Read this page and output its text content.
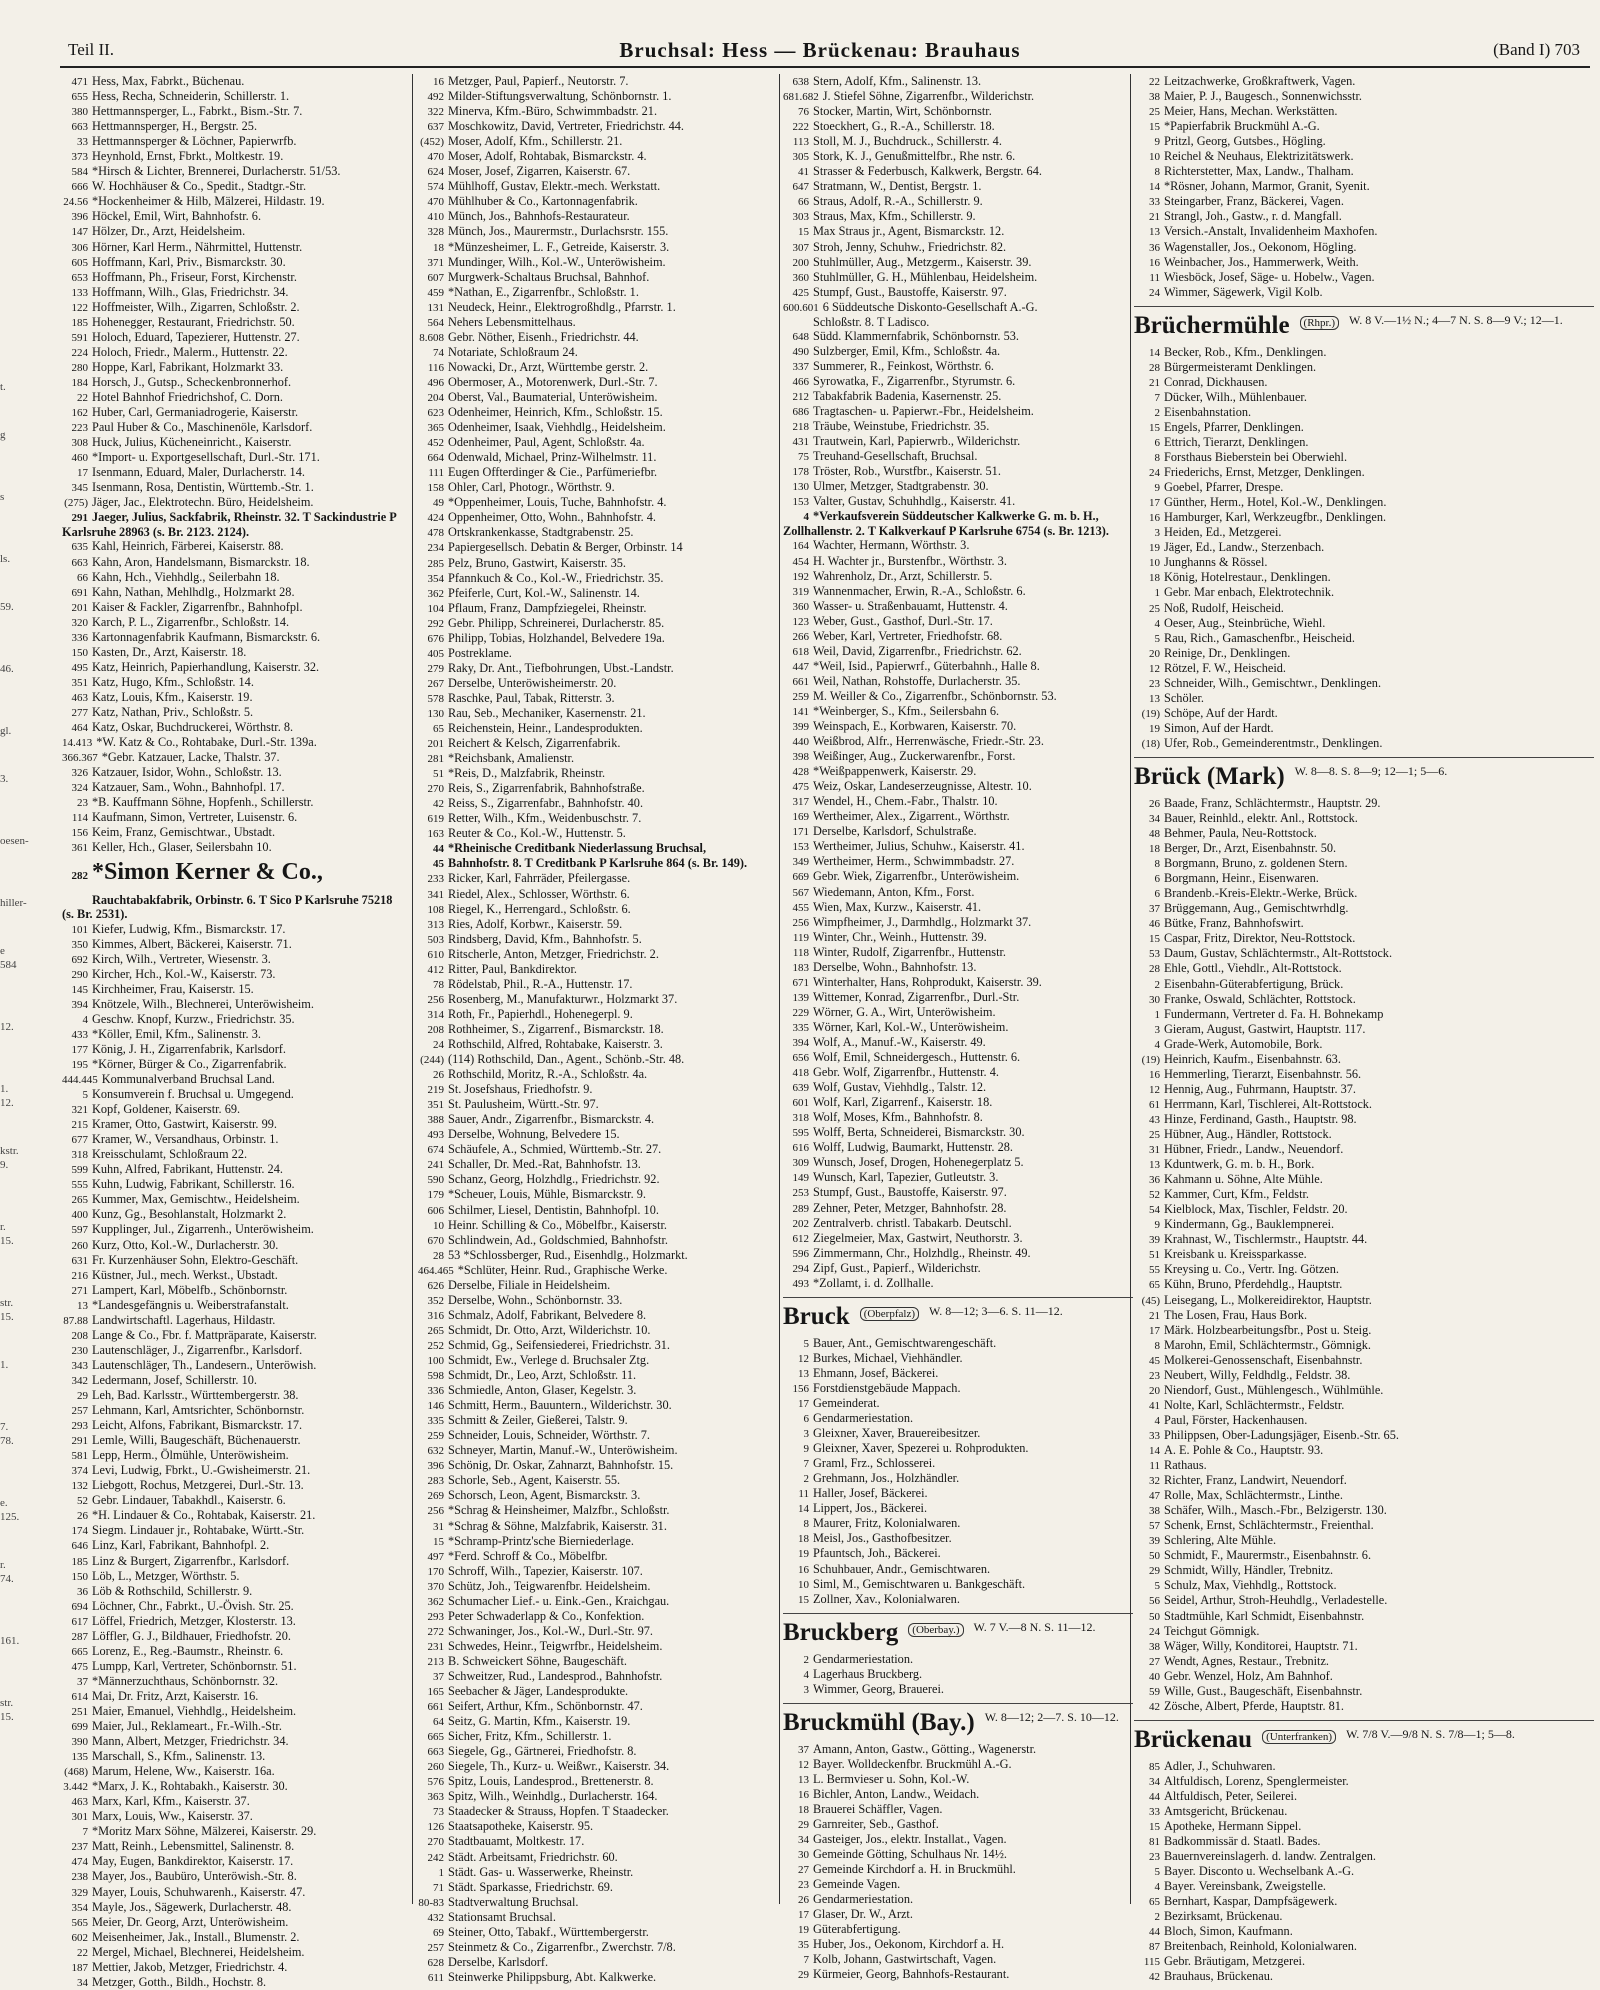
Teil II.	Bruchsal: Hess — Brückenau: Brauhaus	(Band I) 703
t.
g
s
ls.
59.
46.
gl.
3.
oesen-
hiller-
e 584
12.
1. 12.
kstr. 9.
r. 15.
str. 15.
1.
7. 78.
e. 125.
r. 74.
161.
str. 15.
471 Hess, Max, Fabrkt., Büchenau.
655 Hess, Recha, Schneiderin, Schillerstr. 1.
380 Hettmannsperger, L., Fabrkt., Bism.-Str. 7.
663 Hettmannsperger, H., Bergstr. 25.
33 Hettmannsperger & Löchner, Papierwrfb.
373 Heynhold, Ernst, Fbrkt., Moltkestr. 19.
584 *Hirsch & Lichter, Brennerei, Durlacherstr. 51/53.
666 W. Hochhäuser & Co., Spedit., Stadtgr.-Str.
24.56 *Hockenheimer & Hilb, Mälzerei, Hildastr. 19.
396 Höckel, Emil, Wirt, Bahnhofstr. 6.
147 Hölzer, Dr., Arzt, Heidelsheim.
306 Hörner, Karl Herm., Nährmittel, Huttenstr.
605 Hoffmann, Karl, Priv., Bismarckstr. 30.
653 Hoffmann, Ph., Friseur, Forst, Kirchenstr.
133 Hoffmann, Wilh., Glas, Friedrichstr. 34.
122 Hoffmeister, Wilh., Zigarren, Schloßstr. 2.
185 Hohenegger, Restaurant, Friedrichstr. 50.
591 Holoch, Eduard, Tapezierer, Huttenstr. 27.
224 Holoch, Friedr., Malerm., Huttenstr. 22.
280 Hoppe, Karl, Fabrikant, Holzmarkt 33.
184 Horsch, J., Gutsp., Scheckenbronnerhof.
22 Hotel Bahnhof Friedrichshof, C. Dorn.
162 Huber, Carl, Germaniadrogerie, Kaiserstr.
223 Paul Huber & Co., Maschinenöle, Karlsdorf.
308 Huck, Julius, Kücheneinricht., Kaiserstr.
460 *Import- u. Exportgesellschaft, Durl.-Str. 171.
17 Isenmann, Eduard, Maler, Durlacherstr. 14.
345 Isenmann, Rosa, Dentistin, Württemb.-Str. 1.
(275) Jäger, Jac., Elektrotechn. Büro, Heidelsheim.
291 Jaeger, Julius, Sackfabrik, Rheinstr. 32. T Sackindustrie P Karlsruhe 28963 (s. Br. 2123. 2124).
635 Kahl, Heinrich, Färberei, Kaiserstr. 88.
663 Kahn, Aron, Handelsmann, Bismarckstr. 18.
66 Kahn, Hch., Viehhdlg., Seilerbahn 18.
691 Kahn, Nathan, Mehlhdlg., Holzmarkt 28.
201 Kaiser & Fackler, Zigarrenfbr., Bahnhofpl.
320 Karch, P. L., Zigarrenfbr., Schloßstr. 14.
336 Kartonnagenfabrik Kaufmann, Bismarckstr. 6.
150 Kasten, Dr., Arzt, Kaiserstr. 18.
495 Katz, Heinrich, Papierhandlung, Kaiserstr. 32.
351 Katz, Hugo, Kfm., Schloßstr. 14.
463 Katz, Louis, Kfm., Kaiserstr. 19.
277 Katz, Nathan, Priv., Schloßstr. 5.
464 Katz, Oskar, Buchdruckerei, Wörthstr. 8.
14.413 *W. Katz & Co., Rohtabake, Durl.-Str. 139a.
366.367 *Gebr. Katzauer, Lacke, Thalstr. 37.
326 Katzauer, Isidor, Wohn., Schloßstr. 13.
324 Katzauer, Sam., Wohn., Bahnhofpl. 17.
23 *B. Kauffmann Söhne, Hopfenh., Schillerstr.
114 Kaufmann, Simon, Vertreter, Luisenstr. 6.
156 Keim, Franz, Gemischtwar., Ubstadt.
361 Keller, Hch., Glaser, Seilersbahn 10.
282 *Simon Kerner & Co.,
Rauchtabakfabrik, Orbinstr. 6. T Sico P Karlsruhe 75218 (s. Br. 2531).
101 Kiefer, Ludwig, Kfm., Bismarckstr. 17.
350 Kimmes, Albert, Bäckerei, Kaiserstr. 71.
692 Kirch, Wilh., Vertreter, Wiesenstr. 3.
290 Kircher, Hch., Kol.-W., Kaiserstr. 73.
145 Kirchheimer, Frau, Kaiserstr. 15.
394 Knötzele, Wilh., Blechnerei, Unteröwisheim.
4 Geschw. Knopf, Kurzw., Friedrichstr. 35.
433 *Köller, Emil, Kfm., Salinenstr. 3.
177 König, J. H., Zigarrenfabrik, Karlsdorf.
195 *Körner, Bürger & Co., Zigarrenfabrik.
444.445 Kommunalverband Bruchsal Land.
5 Konsumverein f. Bruchsal u. Umgegend.
321 Kopf, Goldener, Kaiserstr. 69.
215 Kramer, Otto, Gastwirt, Kaiserstr. 99.
677 Kramer, W., Versandhaus, Orbinstr. 1.
318 Kreisschulamt, Schloßraum 22.
599 Kuhn, Alfred, Fabrikant, Huttenstr. 24.
555 Kuhn, Ludwig, Fabrikant, Schillerstr. 16.
265 Kummer, Max, Gemischtw., Heidelsheim.
400 Kunz, Gg., Besohlanstalt, Holzmarkt 2.
597 Kupplinger, Jul., Zigarrenh., Unteröwisheim.
260 Kurz, Otto, Kol.-W., Durlacherstr. 30.
631 Fr. Kurzenhäuser Sohn, Elektro-Geschäft.
216 Küstner, Jul., mech. Werkst., Ubstadt.
271 Lampert, Karl, Möbelfb., Schönbornstr.
13 *Landesgefängnis u. Weiberstrafanstalt.
87.88 Landwirtschaftl. Lagerhaus, Hildastr.
208 Lange & Co., Fbr. f. Mattpräparate, Kaiserstr.
230 Lautenschläger, J., Zigarrenfbr., Karlsdorf.
343 Lautenschläger, Th., Landesern., Unteröwish.
342 Ledermann, Josef, Schillerstr. 10.
29 Leh, Bad. Karlsstr., Württembergerstr. 38.
257 Lehmann, Karl, Amtsrichter, Schönbornstr.
293 Leicht, Alfons, Fabrikant, Bismarckstr. 17.
291 Lemle, Willi, Baugeschäft, Büchenauerstr.
581 Lepp, Herm., Ölmühle, Unteröwisheim.
374 Levi, Ludwig, Fbrkt., U.-Gwisheimerstr. 21.
132 Liebgott, Rochus, Metzgerei, Durl.-Str. 13.
52 Gebr. Lindauer, Tabakhdl., Kaiserstr. 6.
26 *H. Lindauer & Co., Rohtabak, Kaiserstr. 21.
174 Siegm. Lindauer jr., Rohtabake, Württ.-Str.
646 Linz, Karl, Fabrikant, Bahnhofpl. 2.
185 Linz & Burgert, Zigarrenfbr., Karlsdorf.
150 Löb, L., Metzger, Wörthstr. 5.
36 Löb & Rothschild, Schillerstr. 9.
694 Löchner, Chr., Fabrkt., U.-Övish. Str. 25.
617 Löffel, Friedrich, Metzger, Klosterstr. 13.
287 Löffler, G. J., Bildhauer, Friedhofstr. 20.
665 Lorenz, E., Reg.-Baumstr., Rheinstr. 6.
475 Lumpp, Karl, Vertreter, Schönbornstr. 51.
37 *Männerzuchthaus, Schönbornstr. 32.
614 Mai, Dr. Fritz, Arzt, Kaiserstr. 16.
251 Maier, Emanuel, Viehhdlg., Heidelsheim.
699 Maier, Jul., Reklameart., Fr.-Wilh.-Str.
390 Mann, Albert, Metzger, Friedrichstr. 34.
135 Marschall, S., Kfm., Salinenstr. 13.
(468) Marum, Helene, Ww., Kaiserstr. 16a.
3.442 *Marx, J. K., Rohtabakh., Kaiserstr. 30.
463 Marx, Karl, Kfm., Kaiserstr. 37.
301 Marx, Louis, Ww., Kaiserstr. 37.
7 *Moritz Marx Söhne, Mälzerei, Kaiserstr. 29.
237 Matt, Reinh., Lebensmittel, Salinenstr. 8.
474 May, Eugen, Bankdirektor, Kaiserstr. 17.
238 Mayer, Jos., Baubüro, Unteröwish.-Str. 8.
329 Mayer, Louis, Schuhwarenh., Kaiserstr. 47.
354 Mayle, Jos., Sägewerk, Durlacherstr. 48.
565 Meier, Dr. Georg, Arzt, Unteröwisheim.
602 Meisenheimer, Jak., Install., Blumenstr. 2.
22 Mergel, Michael, Blechnerei, Heidelsheim.
187 Mettier, Jakob, Metzger, Friedrichstr. 4.
34 Metzger, Gotth., Bildh., Hochstr. 8.
16 Metzger, Paul, Papierf., Neutorstr. 7.
492 Milder-Stiftungsverwaltung, Schönbornstr. 1.
322 Minerva, Kfm.-Büro, Schwimmbadstr. 21.
637 Moschkowitz, David, Vertreter, Friedrichstr. 44.
(452) Moser, Adolf, Kfm., Schillerstr. 21.
470 Moser, Adolf, Rohtabak, Bismarckstr. 4.
624 Moser, Josef, Zigarren, Kaiserstr. 67.
574 Mühlhoff, Gustav, Elektr.-mech. Werkstatt.
470 Mühlhuber & Co., Kartonnagenfabrik.
410 Münch, Jos., Bahnhofs-Restaurateur.
328 Münch, Jos., Maurermstr., Durlachsrstr. 155.
18 *Münzesheimer, L. F., Getreide, Kaiserstr. 3.
371 Mundinger, Wilh., Kol.-W., Unteröwisheim.
607 Murgwerk-Schaltaus Bruchsal, Bahnhof.
459 *Nathan, E., Zigarrenfbr., Schloßstr. 1.
131 Neudeck, Heinr., Elektrogroßhdlg., Pfarrstr. 1.
564 Nehers Lebensmittelhaus.
8.608 Gebr. Nöther, Eisenh., Friedrichstr. 44.
74 Notariate, Schloßraum 24.
116 Nowacki, Dr., Arzt, Württembe gerstr. 2.
496 Obermoser, A., Motorenwerk, Durl.-Str. 7.
204 Oberst, Val., Baumaterial, Unteröwisheim.
623 Odenheimer, Heinrich, Kfm., Schloßstr. 15.
365 Odenheimer, Isaak, Viehhdlg., Heidelsheim.
452 Odenheimer, Paul, Agent, Schloßstr. 4a.
664 Odenwald, Michael, Prinz-Wilhelmstr. 11.
111 Eugen Offterdinger & Cie., Parfümeriefbr.
158 Ohler, Carl, Photogr., Wörthstr. 9.
49 *Oppenheimer, Louis, Tuche, Bahnhofstr. 4.
424 Oppenheimer, Otto, Wohn., Bahnhofstr. 4.
478 Ortskrankenkasse, Stadtgrabenstr. 25.
234 Papiergesellsch. Debatin & Berger, Orbinstr. 14
285 Pelz, Bruno, Gastwirt, Kaiserstr. 35.
354 Pfannkuch & Co., Kol.-W., Friedrichstr. 35.
362 Pfeiferle, Curt, Kol.-W., Salinenstr. 14.
104 Pflaum, Franz, Dampfziegelei, Rheinstr.
292 Gebr. Philipp, Schreinerei, Durlacherstr. 85.
676 Philipp, Tobias, Holzhandel, Belvedere 19a.
405 Postreklame.
279 Raky, Dr. Ant., Tiefbohrungen, Ubst.-Landstr.
267 Derselbe, Unteröwisheimerstr. 20.
578 Raschke, Paul, Tabak, Ritterstr. 3.
130 Rau, Seb., Mechaniker, Kasernenstr. 21.
65 Reichenstein, Heinr., Landesprodukten.
201 Reichert & Kelsch, Zigarrenfabrik.
281 *Reichsbank, Amalienstr.
51 *Reis, D., Malzfabrik, Rheinstr.
270 Reis, S., Zigarrenfabrik, Bahnhofstraße.
42 Reiss, S., Zigarrenfabr., Bahnhofstr. 40.
619 Retter, Wilh., Kfm., Weidenbuschstr. 7.
163 Reuter & Co., Kol.-W., Huttenstr. 5.
44 *Rheinische Creditbank Niederlassung Bruchsal,
45 Bahnhofstr. 8. T Creditbank P Karlsruhe 864 (s. Br. 149).
233 Ricker, Karl, Fahrräder, Pfeilergasse.
341 Riedel, Alex., Schlosser, Wörthstr. 6.
108 Riegel, K., Herrengard., Schloßstr. 6.
313 Ries, Adolf, Korbwr., Kaiserstr. 59.
503 Rindsberg, David, Kfm., Bahnhofstr. 5.
610 Ritscherle, Anton, Metzger, Friedrichstr. 2.
412 Ritter, Paul, Bankdirektor.
78 Rödelstab, Phil., R.-A., Huttenstr. 17.
256 Rosenberg, M., Manufakturwr., Holzmarkt 37.
314 Roth, Fr., Papierhdl., Hohenegerpl. 9.
208 Rothheimer, S., Zigarrenf., Bismarckstr. 18.
24 Rothschild, Alfred, Rohtabake, Kaiserstr. 3.
(244) (114) Rothschild, Dan., Agent., Schönb.-Str. 48.
26 Rothschild, Moritz, R.-A., Schloßstr. 4a.
219 St. Josefshaus, Friedhofstr. 9.
351 St. Paulusheim, Württ.-Str. 97.
388 Sauer, Andr., Zigarrenfbr., Bismarckstr. 4.
493 Derselbe, Wohnung, Belvedere 15.
674 Schäufele, A., Schmied, Württemb.-Str. 27.
241 Schaller, Dr. Med.-Rat, Bahnhofstr. 13.
590 Schanz, Georg, Holzhdlg., Friedrichstr. 92.
179 *Scheuer, Louis, Mühle, Bismarckstr. 9.
606 Schilmer, Liesel, Dentistin, Bahnhofpl. 10.
10 Heinr. Schilling & Co., Möbelfbr., Kaiserstr.
670 Schlindwein, Ad., Goldschmied, Bahnhofstr.
28 53 *Schlossberger, Rud., Eisenhdlg., Holzmarkt.
464.465 *Schlüter, Heinr. Rud., Graphische Werke.
626 Derselbe, Filiale in Heidelsheim.
352 Derselbe, Wohn., Schönbornstr. 33.
316 Schmalz, Adolf, Fabrikant, Belvedere 8.
265 Schmidt, Dr. Otto, Arzt, Wilderichstr. 10.
252 Schmid, Gg., Seifensiederei, Friedrichstr. 31.
100 Schmidt, Ew., Verlege d. Bruchsaler Ztg.
598 Schmidt, Dr., Leo, Arzt, Schloßstr. 11.
336 Schmiedle, Anton, Glaser, Kegelstr. 3.
146 Schmitt, Herm., Bauuntern., Wilderichstr. 30.
335 Schmitt & Zeiler, Gießerei, Talstr. 9.
259 Schneider, Louis, Schneider, Wörthstr. 7.
632 Schneyer, Martin, Manuf.-W., Unteröwisheim.
396 Schönig, Dr. Oskar, Zahnarzt, Bahnhofstr. 15.
283 Schorle, Seb., Agent, Kaiserstr. 55.
269 Schorsch, Leon, Agent, Bismarckstr. 3.
256 *Schrag & Heinsheimer, Malzfbr., Schloßstr.
31 *Schrag & Söhne, Malzfabrik, Kaiserstr. 31.
15 *Schramp-Printz'sche Bierniederlage.
497 *Ferd. Schroff & Co., Möbelfbr.
170 Schroff, Wilh., Tapezier, Kaiserstr. 107.
370 Schütz, Joh., Teigwarenfbr. Heidelsheim.
362 Schumacher Lief.- u. Eink.-Gen., Kraichgau.
293 Peter Schwaderlapp & Co., Konfektion.
272 Schwaninger, Jos., Kol.-W., Durl.-Str. 97.
231 Schwedes, Heinr., Teigwrfbr., Heidelsheim.
213 B. Schweickert Söhne, Baugeschäft.
37 Schweitzer, Rud., Landesprod., Bahnhofstr.
165 Seebacher & Jäger, Landesprodukte.
661 Seifert, Arthur, Kfm., Schönbornstr. 47.
64 Seitz, G. Martin, Kfm., Kaiserstr. 19.
665 Sicher, Fritz, Kfm., Schillerstr. 1.
663 Siegele, Gg., Gärtnerei, Friedhofstr. 8.
260 Siegele, Th., Kurz- u. Weißwr., Kaiserstr. 34.
576 Spitz, Louis, Landesprod., Brettenerstr. 8.
363 Spitz, Wilh., Weinhdlg., Durlacherstr. 164.
73 Staadecker & Strauss, Hopfen. T Staadecker.
126 Staatsapotheke, Kaiserstr. 95.
270 Stadtbauamt, Moltkestr. 17.
242 Städt. Arbeitsamt, Friedrichstr. 60.
1 Städt. Gas- u. Wasserwerke, Rheinstr.
71 Städt. Sparkasse, Friedrichstr. 69.
80-83 Stadtverwaltung Bruchsal.
432 Stationsamt Bruchsal.
69 Steiner, Otto, Tabakf., Württembergerstr.
257 Steinmetz & Co., Zigarrenfbr., Zwerchstr. 7/8.
628 Derselbe, Karlsdorf.
611 Steinwerke Philippsburg, Abt. Kalkwerke.
638 Stern, Adolf, Kfm., Salinenstr. 13.
681.682 J. Stiefel Söhne, Zigarrenfbr., Wilderichstr.
76 Stocker, Martin, Wirt, Schönbornstr.
222 Stoeckhert, G., R.-A., Schillerstr. 18.
113 Stoll, M. J., Buchdruck., Schillerstr. 4.
305 Stork, K. J., Genußmittelfbr., Rhe nstr. 6.
41 Strasser & Federbusch, Kalkwerk, Bergstr. 64.
647 Stratmann, W., Dentist, Bergstr. 1.
66 Straus, Adolf, R.-A., Schillerstr. 9.
303 Straus, Max, Kfm., Schillerstr. 9.
15 Max Straus jr., Agent, Bismarckstr. 12.
307 Stroh, Jenny, Schuhw., Friedrichstr. 82.
200 Stuhlmüller, Aug., Metzgerm., Kaiserstr. 39.
360 Stuhlmüller, G. H., Mühlenbau, Heidelsheim.
425 Stumpf, Gust., Baustoffe, Kaiserstr. 97.
600.601 6 Süddeutsche Diskonto-Gesellschaft A.-G.
Schloßstr. 8. T Ladisco.
648 Südd. Klammernfabrik, Schönbornstr. 53.
490 Sulzberger, Emil, Kfm., Schloßstr. 4a.
337 Summerer, R., Feinkost, Wörthstr. 6.
466 Syrowatka, F., Zigarrenfbr., Styrumstr. 6.
212 Tabakfabrik Badenia, Kasernenstr. 25.
686 Tragtaschen- u. Papierwr.-Fbr., Heidelsheim.
218 Träube, Weinstube, Friedrichstr. 35.
431 Trautwein, Karl, Papierwrb., Wilderichstr.
75 Treuhand-Gesellschaft, Bruchsal.
178 Tröster, Rob., Wurstfbr., Kaiserstr. 51.
130 Ulmer, Metzger, Stadtgrabenstr. 30.
153 Valter, Gustav, Schuhhdlg., Kaiserstr. 41.
4 *Verkaufsverein Süddeutscher Kalkwerke G. m. b. H., Zollhallenstr. 2. T Kalkverkauf P Karlsruhe 6754 (s. Br. 1213).
164 Wachter, Hermann, Wörthstr. 3.
454 H. Wachter jr., Burstenfbr., Wörthstr. 3.
192 Wahrenholz, Dr., Arzt, Schillerstr. 5.
319 Wannenmacher, Erwin, R.-A., Schloßstr. 6.
360 Wasser- u. Straßenbauamt, Huttenstr. 4.
123 Weber, Gust., Gasthof, Durl.-Str. 17.
266 Weber, Karl, Vertreter, Friedhofstr. 68.
618 Weil, David, Zigarrenfbr., Friedrichstr. 62.
447 *Weil, Isid., Papierwrf., Güterbahnh., Halle 8.
661 Weil, Nathan, Rohstoffe, Durlacherstr. 35.
259 M. Weiller & Co., Zigarrenfbr., Schönbornstr. 53.
141 *Weinberger, S., Kfm., Seilersbahn 6.
399 Weinspach, E., Korbwaren, Kaiserstr. 70.
440 Weißbrod, Alfr., Herrenwäsche, Friedr.-Str. 23.
398 Weißinger, Aug., Zuckerwarenfbr., Forst.
428 *Weißpappenwerk, Kaiserstr. 29.
475 Weiz, Oskar, Landeserzeugnisse, Altestr. 10.
317 Wendel, H., Chem.-Fabr., Thalstr. 10.
169 Wertheimer, Alex., Zigarrent., Wörthstr.
171 Derselbe, Karlsdorf, Schulstraße.
153 Wertheimer, Julius, Schuhw., Kaiserstr. 41.
349 Wertheimer, Herm., Schwimmbadstr. 27.
669 Gebr. Wiek, Zigarrenfbr., Unteröwisheim.
567 Wiedemann, Anton, Kfm., Forst.
455 Wien, Max, Kurzw., Kaiserstr. 41.
256 Wimpfheimer, J., Darmhdlg., Holzmarkt 37.
119 Winter, Chr., Weinh., Huttenstr. 39.
118 Winter, Rudolf, Zigarrenfbr., Huttenstr.
183 Derselbe, Wohn., Bahnhofstr. 13.
671 Winterhalter, Hans, Rohprodukt, Kaiserstr. 39.
139 Wittemer, Konrad, Zigarrenfbr., Durl.-Str.
229 Wörner, G. A., Wirt, Unteröwisheim.
335 Wörner, Karl, Kol.-W., Unteröwisheim.
394 Wolf, A., Manuf.-W., Kaiserstr. 49.
656 Wolf, Emil, Schneidergesch., Huttenstr. 6.
418 Gebr. Wolf, Zigarrenfbr., Huttenstr. 4.
639 Wolf, Gustav, Viehhdlg., Talstr. 12.
601 Wolf, Karl, Zigarrenf., Kaiserstr. 18.
318 Wolf, Moses, Kfm., Bahnhofstr. 8.
595 Wolff, Berta, Schneiderei, Bismarckstr. 30.
616 Wolff, Ludwig, Baumarkt, Huttenstr. 28.
309 Wunsch, Josef, Drogen, Hohenegerplatz 5.
149 Wunsch, Karl, Tapezier, Gutleutstr. 3.
253 Stumpf, Gust., Baustoffe, Kaiserstr. 97.
289 Zehner, Peter, Metzger, Bahnhofstr. 28.
202 Zentralverb. christl. Tabakarb. Deutschl.
612 Ziegelmeier, Max, Gastwirt, Neuthorstr. 3.
596 Zimmermann, Chr., Holzhdlg., Rheinstr. 49.
294 Zipf, Gust., Papierf., Wilderichstr.
493 *Zollamt, i. d. Zollhalle.
Bruck	(Oberpfalz)	W. 8—12; 3—6. S. 11—12.
5 Bauer, Ant., Gemischtwarengeschäft.
12 Burkes, Michael, Viehhändler.
13 Ehmann, Josef, Bäckerei.
156 Forstdienstgebäude Mappach.
17 Gemeinderat.
6 Gendarmeriestation.
3 Gleixner, Xaver, Brauereibesitzer.
9 Gleixner, Xaver, Spezerei u. Rohprodukten.
7 Graml, Frz., Schlosserei.
2 Grehmann, Jos., Holzhändler.
11 Haller, Josef, Bäckerei.
14 Lippert, Jos., Bäckerei.
8 Maurer, Fritz, Kolonialwaren.
18 Meisl, Jos., Gasthofbesitzer.
19 Pfauntsch, Joh., Bäckerei.
16 Schuhbauer, Andr., Gemischtwaren.
10 Siml, M., Gemischtwaren u. Bankgeschäft.
15 Zollner, Xav., Kolonialwaren.
Bruckberg	(Oberbay.)	W. 7 V.—8 N. S. 11—12.
2 Gendarmeriestation.
4 Lagerhaus Bruckberg.
3 Wimmer, Georg, Brauerei.
Bruckmühl (Bay.) W. 8—12; 2—7. S. 10—12.
37 Amann, Anton, Gastw., Götting., Wagenerstr.
12 Bayer. Wolldeckenfbr. Bruckmühl A.-G.
13 L. Bermvieser u. Sohn, Kol.-W.
16 Bichler, Anton, Landw., Weidach.
18 Brauerei Schäffler, Vagen.
29 Garnreiter, Seb., Gasthof.
34 Gasteiger, Jos., elektr. Installat., Vagen.
30 Gemeinde Götting, Schulhaus Nr. 14½.
27 Gemeinde Kirchdorf a. H. in Bruckmühl.
23 Gemeinde Vagen.
26 Gendarmeriestation.
17 Glaser, Dr. W., Arzt.
19 Güterabfertigung.
35 Huber, Jos., Oekonom, Kirchdorf a. H.
7 Kolb, Johann, Gastwirtschaft, Vagen.
29 Kürmeier, Georg, Bahnhofs-Restaurant.
22 Leitzachwerke, Großkraftwerk, Vagen.
38 Maier, P. J., Baugesch., Sonnenwichsstr.
25 Meier, Hans, Mechan. Werkstätten.
15 *Papierfabrik Bruckmühl A.-G.
9 Pritzl, Georg, Gutsbes., Högling.
10 Reichel & Neuhaus, Elektrizitätswerk.
8 Richterstetter, Max, Landw., Thalham.
14 *Rösner, Johann, Marmor, Granit, Syenit.
33 Steingarber, Franz, Bäckerei, Vagen.
21 Strangl, Joh., Gastw., r. d. Mangfall.
13 Versich.-Anstalt, Invalidenheim Maxhofen.
36 Wagenstaller, Jos., Oekonom, Högling.
16 Weinbacher, Jos., Hammerwerk, Weith.
11 Wiesböck, Josef, Säge- u. Hobelw., Vagen.
24 Wimmer, Sägewerk, Vigil Kolb.
Brüchermühle	(Rhpr.)	W. 8 V.—1½ N.; 4—7 N. S. 8—9 V.; 12—1.
14 Becker, Rob., Kfm., Denklingen.
28 Bürgermeisteramt Denklingen.
21 Conrad, Dickhausen.
7 Dücker, Wilh., Mühlenbauer.
2 Eisenbahnstation.
15 Engels, Pfarrer, Denklingen.
6 Ettrich, Tierarzt, Denklingen.
8 Forsthaus Bieberstein bei Oberwiehl.
24 Friederichs, Ernst, Metzger, Denklingen.
9 Goebel, Pfarrer, Drespe.
17 Günther, Herm., Hotel, Kol.-W., Denklingen.
16 Hamburger, Karl, Werkzeugfbr., Denklingen.
3 Heiden, Ed., Metzgerei.
19 Jäger, Ed., Landw., Sterzenbach.
10 Junghanns & Rössel.
18 König, Hotelrestaur., Denklingen.
1 Gebr. Mar enbach, Elektrotechnik.
25 Noß, Rudolf, Heischeid.
4 Oeser, Aug., Steinbrüche, Wiehl.
5 Rau, Rich., Gamaschenfbr., Heischeid.
20 Reinige, Dr., Denklingen.
12 Rötzel, F. W., Heischeid.
23 Schneider, Wilh., Gemischtwr., Denklingen.
13 Schöler.
(19) Schöpe, Auf der Hardt.
19 Simon, Auf der Hardt.
(18) Ufer, Rob., Gemeinderentmstr., Denklingen.
Brück (Mark) W. 8—8. S. 8—9; 12—1; 5—6.
26 Baade, Franz, Schlächtermstr., Hauptstr. 29.
34 Bauer, Reinhld., elektr. Anl., Rottstock.
48 Behmer, Paula, Neu-Rottstock.
18 Berger, Dr., Arzt, Eisenbahnstr. 50.
8 Borgmann, Bruno, z. goldenen Stern.
6 Borgmann, Heinr., Eisenwaren.
6 Brandenb.-Kreis-Elektr.-Werke, Brück.
37 Brüggemann, Aug., Gemischtwrhdlg.
46 Bütke, Franz, Bahnhofswirt.
15 Caspar, Fritz, Direktor, Neu-Rottstock.
53 Daum, Gustav, Schlächtermstr., Alt-Rottstock.
28 Ehle, Gottl., Viehdlr., Alt-Rottstock.
2 Eisenbahn-Güterabfertigung, Brück.
30 Franke, Oswald, Schlächter, Rottstock.
1 Fundermann, Vertreter d. Fa. H. Bohnekamp
3 Gieram, August, Gastwirt, Hauptstr. 117.
4 Grade-Werk, Automobile, Bork.
(19) Heinrich, Kaufm., Eisenbahnstr. 63.
16 Hemmerling, Tierarzt, Eisenbahnstr. 56.
12 Hennig, Aug., Fuhrmann, Hauptstr. 37.
61 Herrmann, Karl, Tischlerei, Alt-Rottstock.
43 Hinze, Ferdinand, Gasth., Hauptstr. 98.
25 Hübner, Aug., Händler, Rottstock.
31 Hübner, Friedr., Landw., Neuendorf.
13 Kduntwerk, G. m. b. H., Bork.
36 Kahmann u. Söhne, Alte Mühle.
52 Kammer, Curt, Kfm., Feldstr.
54 Kielblock, Max, Tischler, Feldstr. 20.
9 Kindermann, Gg., Bauklempnerei.
39 Krahnast, W., Tischlermstr., Hauptstr. 44.
51 Kreisbank u. Kreissparkasse.
55 Kreysing u. Co., Vertr. Ing. Götzen.
65 Kühn, Bruno, Pferdehdlg., Hauptstr.
(45) Leisegang, L., Molkereidirektor, Hauptstr.
21 The Losen, Frau, Haus Bork.
17 Märk. Holzbearbeitungsfbr., Post u. Steig.
8 Marohn, Emil, Schlächtermstr., Gömnigk.
45 Molkerei-Genossenschaft, Eisenbahnstr.
23 Neubert, Willy, Feldhdlg., Feldstr. 38.
20 Niendorf, Gust., Mühlengesch., Wühlmühle.
41 Nolte, Karl, Schlächtermstr., Feldstr.
4 Paul, Förster, Hackenhausen.
33 Philippsen, Ober-Ladungsjäger, Eisenb.-Str. 65.
14 A. E. Pohle & Co., Hauptstr. 93.
11 Rathaus.
32 Richter, Franz, Landwirt, Neuendorf.
47 Rolle, Max, Schlächtermstr., Linthe.
38 Schäfer, Wilh., Masch.-Fbr., Belzigerstr. 130.
57 Schenk, Ernst, Schlächtermstr., Freienthal.
39 Schlering, Alte Mühle.
50 Schmidt, F., Maurermstr., Eisenbahnstr. 6.
29 Schmidt, Willy, Händler, Trebnitz.
5 Schulz, Max, Viehhdlg., Rottstock.
56 Seidel, Arthur, Stroh-Heuhdlg., Verladestelle.
50 Stadtmühle, Karl Schmidt, Eisenbahnstr.
24 Teichgut Gömnigk.
38 Wäger, Willy, Konditorei, Hauptstr. 71.
27 Wendt, Agnes, Restaur., Trebnitz.
40 Gebr. Wenzel, Holz, Am Bahnhof.
59 Wille, Gust., Baugeschäft, Eisenbahnstr.
42 Zösche, Albert, Pferde, Hauptstr. 81.
Brückenau	(Unterfranken)	W. 7/8 V.—9/8 N. S. 7/8—1; 5—8.
85 Adler, J., Schuhwaren.
34 Altfuldisch, Lorenz, Spenglermeister.
44 Altfuldisch, Peter, Seilerei.
33 Amtsgericht, Brückenau.
15 Apotheke, Hermann Sippel.
81 Badkommissär d. Staatl. Bades.
23 Bauernvereinslagerh. d. landw. Zentralgen.
5 Bayer. Disconto u. Wechselbank A.-G.
4 Bayer. Vereinsbank, Zweigstelle.
65 Bernhart, Kaspar, Dampfsägewerk.
2 Bezirksamt, Brückenau.
44 Bloch, Simon, Kaufmann.
87 Breitenbach, Reinhold, Kolonialwaren.
115 Gebr. Bräutigam, Metzgerei.
42 Brauhaus, Brückenau.
